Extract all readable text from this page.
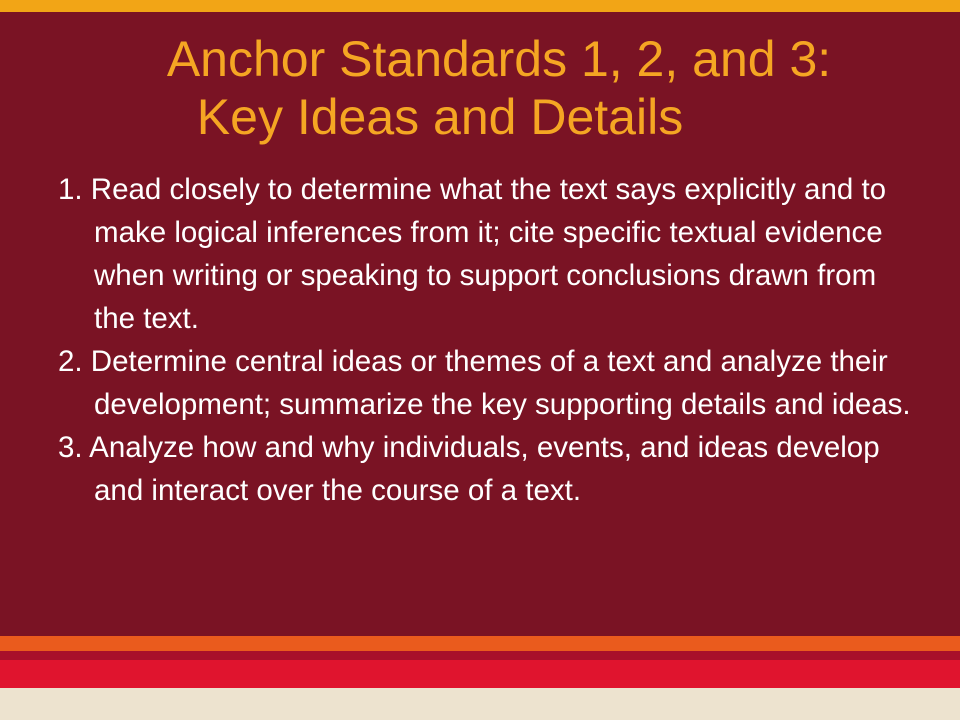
Anchor Standards 1, 2, and 3:
Key Ideas and Details

1. Read closely to determine what the text says explicitly and to make logical inferences from it; cite specific textual evidence when writing or speaking to support conclusions drawn from the text.

2. Determine central ideas or themes of a text and analyze their development; summarize the key supporting details and ideas.

3. Analyze how and why individuals, events, and ideas develop and interact over the course of a text.
